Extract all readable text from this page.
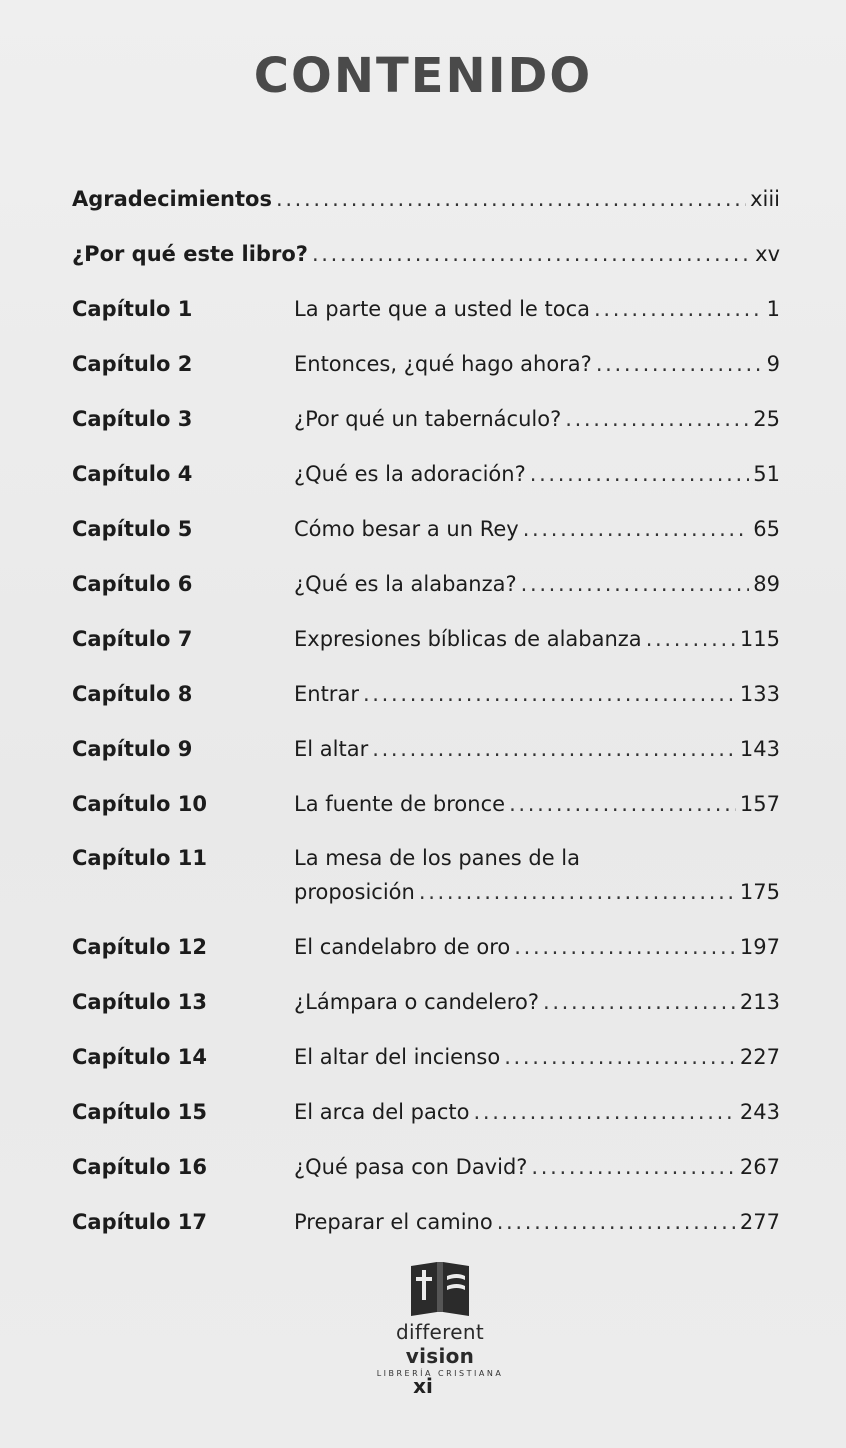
CONTENIDO
Agradecimientos . . .	xiii
¿Por qué este libro? . . .	xv
Capítulo 1	La parte que a usted le toca . . .	1
Capítulo 2	Entonces, ¿qué hago ahora? . . .	9
Capítulo 3	¿Por qué un tabernáculo? . . .	25
Capítulo 4	¿Qué es la adoración? . . .	51
Capítulo 5	Cómo besar a un Rey . . .	65
Capítulo 6	¿Qué es la alabanza? . . .	89
Capítulo 7	Expresiones bíblicas de alabanza . . .	115
Capítulo 8	Entrar . . .	133
Capítulo 9	El altar . . .	143
Capítulo 10	La fuente de bronce . . .	157
Capítulo 11	La mesa de los panes de la
proposición . . .	175
Capítulo 12	El candelabro de oro . . .	197
Capítulo 13	¿Lámpara o candelero? . . .	213
Capítulo 14	El altar del incienso . . .	227
Capítulo 15	El arca del pacto . . .	243
Capítulo 16	¿Qué pasa con David? . . .	267
Capítulo 17	Preparar el camino . . .	277
different vision
LIBRERÍA CRISTIANA
xi
